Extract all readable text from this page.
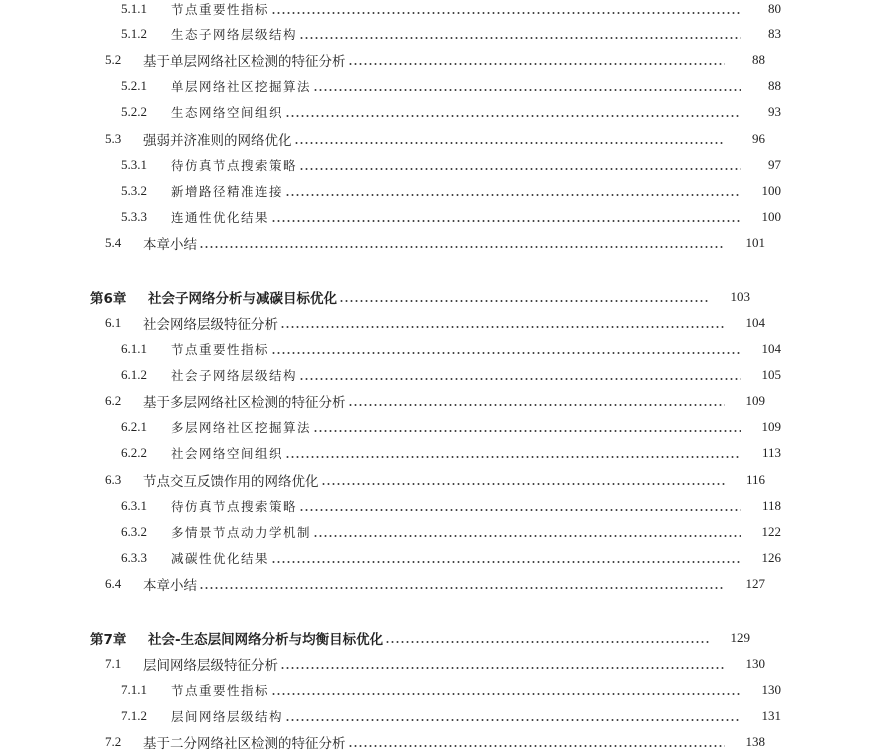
5.1.1	节点重要性指标	80
5.1.2	生态子网络层级结构	83
5.2	基于单层网络社区检测的特征分析	88
5.2.1	单层网络社区挖掘算法	88
5.2.2	生态网络空间组织	93
5.3	强弱并济准则的网络优化	96
5.3.1	待仿真节点搜索策略	97
5.3.2	新增路径精准连接	100
5.3.3	连通性优化结果	100
5.4	本章小结	101
第6章	社会子网络分析与减碳目标优化	103
6.1	社会网络层级特征分析	104
6.1.1	节点重要性指标	104
6.1.2	社会子网络层级结构	105
6.2	基于多层网络社区检测的特征分析	109
6.2.1	多层网络社区挖掘算法	109
6.2.2	社会网络空间组织	113
6.3	节点交互反馈作用的网络优化	116
6.3.1	待仿真节点搜索策略	118
6.3.2	多情景节点动力学机制	122
6.3.3	减碳性优化结果	126
6.4	本章小结	127
第7章	社会-生态层间网络分析与均衡目标优化	129
7.1	层间网络层级特征分析	130
7.1.1	节点重要性指标	130
7.1.2	层间网络层级结构	131
7.2	基于二分网络社区检测的特征分析	138
